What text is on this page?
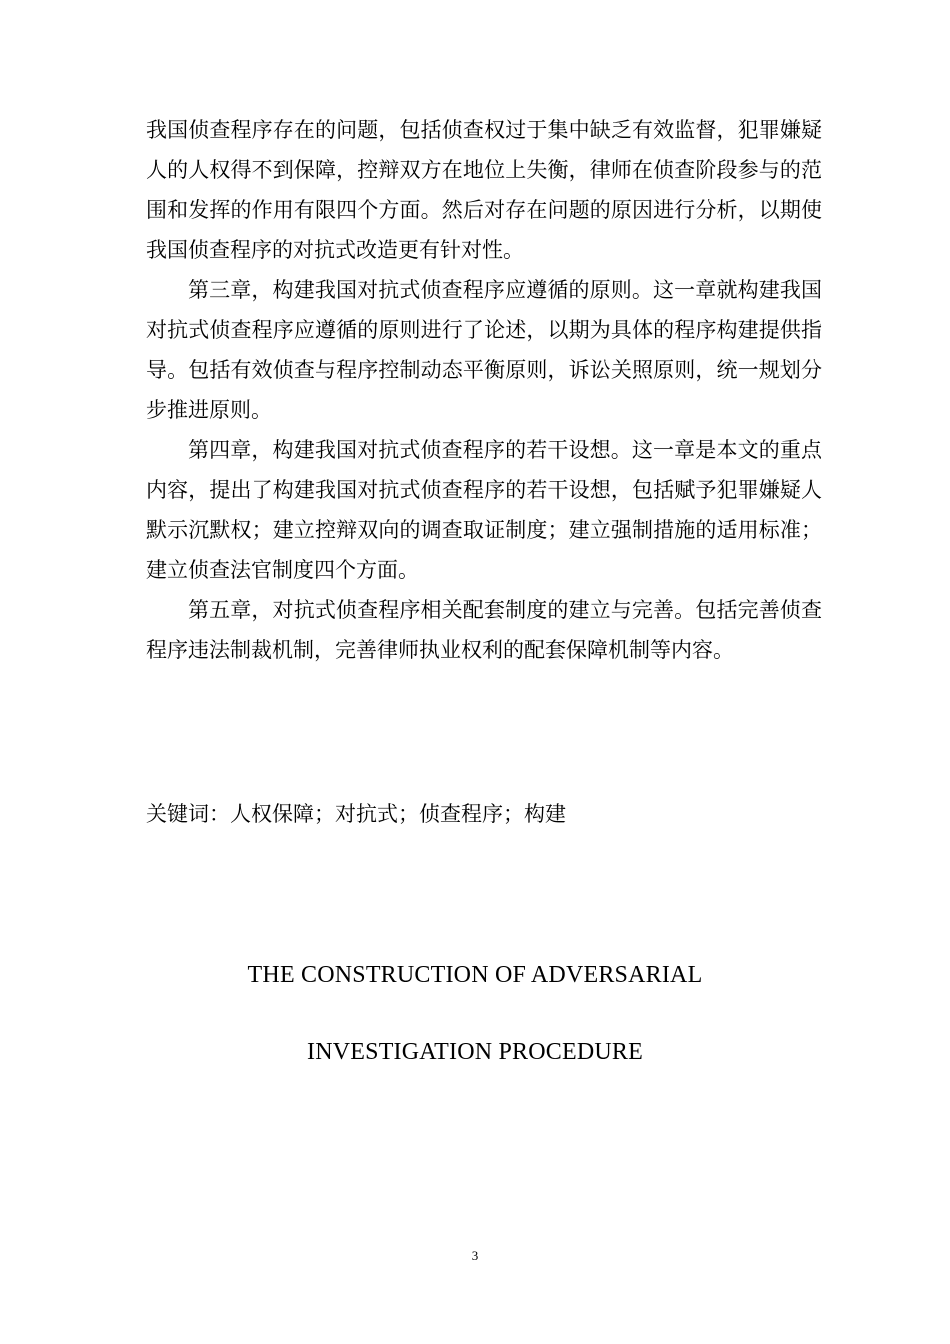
我国侦查程序存在的问题，包括侦查权过于集中缺乏有效监督，犯罪嫌疑人的人权得不到保障，控辩双方在地位上失衡，律师在侦查阶段参与的范围和发挥的作用有限四个方面。然后对存在问题的原因进行分析，以期使我国侦查程序的对抗式改造更有针对性。

第三章，构建我国对抗式侦查程序应遵循的原则。这一章就构建我国对抗式侦查程序应遵循的原则进行了论述，以期为具体的程序构建提供指导。包括有效侦查与程序控制动态平衡原则，诉讼关照原则，统一规划分步推进原则。

第四章，构建我国对抗式侦查程序的若干设想。这一章是本文的重点内容，提出了构建我国对抗式侦查程序的若干设想，包括赋予犯罪嫌疑人默示沉默权；建立控辩双向的调查取证制度；建立强制措施的适用标准；建立侦查法官制度四个方面。

第五章，对抗式侦查程序相关配套制度的建立与完善。包括完善侦查程序违法制裁机制，完善律师执业权利的配套保障机制等内容。

关键词：人权保障；对抗式；侦查程序；构建
THE CONSTRUCTION OF ADVERSARIAL
INVESTIGATION PROCEDURE
3
